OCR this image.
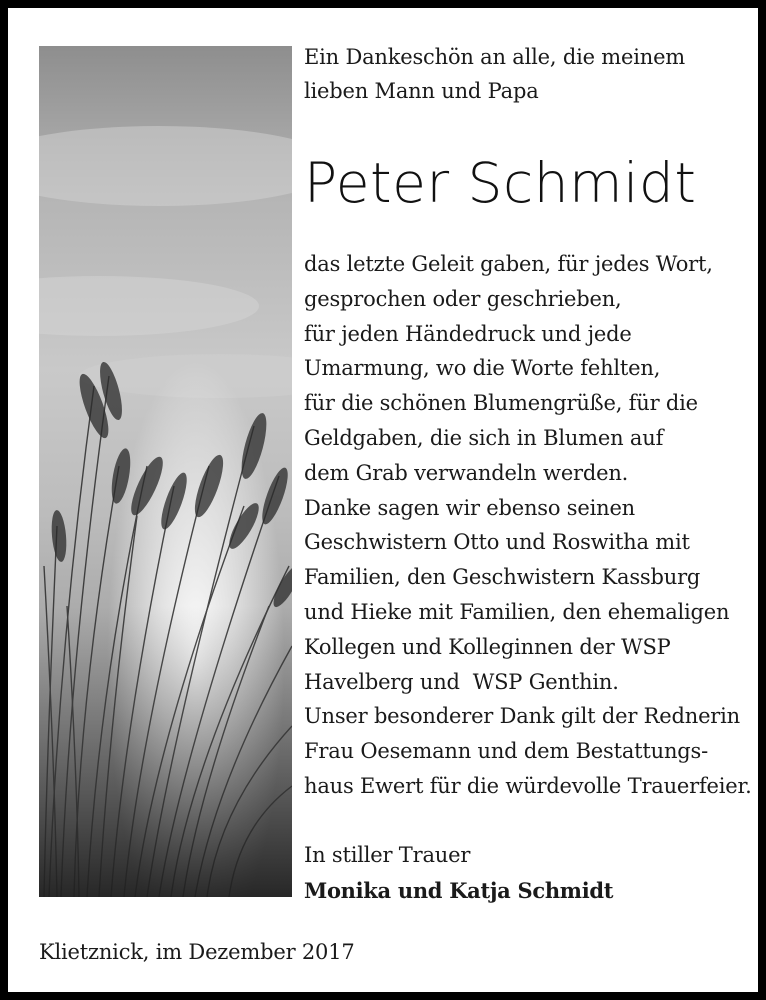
Ein Dankeschön an alle, die meinem
lieben Mann und Papa
Peter Schmidt
das letzte Geleit gaben, für jedes Wort,
gesprochen oder geschrieben,
für jeden Händedruck und jede
Umarmung, wo die Worte fehlten,
für die schönen Blumengrüße, für die
Geldgaben, die sich in Blumen auf
dem Grab verwandeln werden.
Danke sagen wir ebenso seinen
Geschwistern Otto und Roswitha mit
Familien, den Geschwistern Kassburg
und Hieke mit Familien, den ehemaligen
Kollegen und Kolleginnen der WSP
Havelberg und  WSP Genthin.
Unser besonderer Dank gilt der Rednerin
Frau Oesemann und dem Bestattungs-
haus Ewert für die würdevolle Trauerfeier.
In stiller Trauer
Monika und Katja Schmidt
Klietznick, im Dezember 2017
